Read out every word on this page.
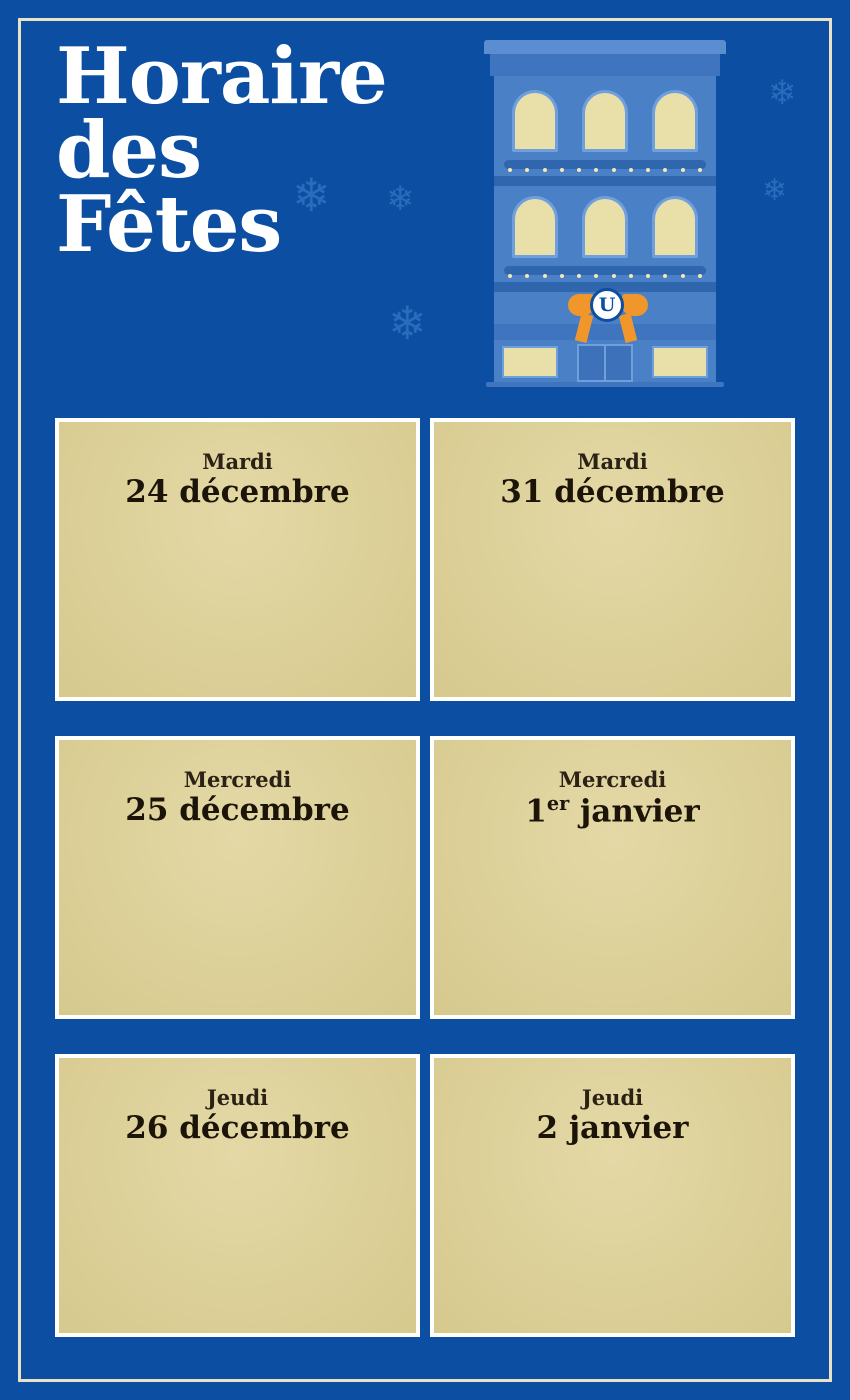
Horaire
des
Fêtes ❄ ❄
❄
❄
❄
U
Mardi
24 décembre
Mardi
31 décembre
Mercredi
25 décembre
Mercredi
1er janvier
Jeudi
26 décembre
Jeudi
2 janvier
